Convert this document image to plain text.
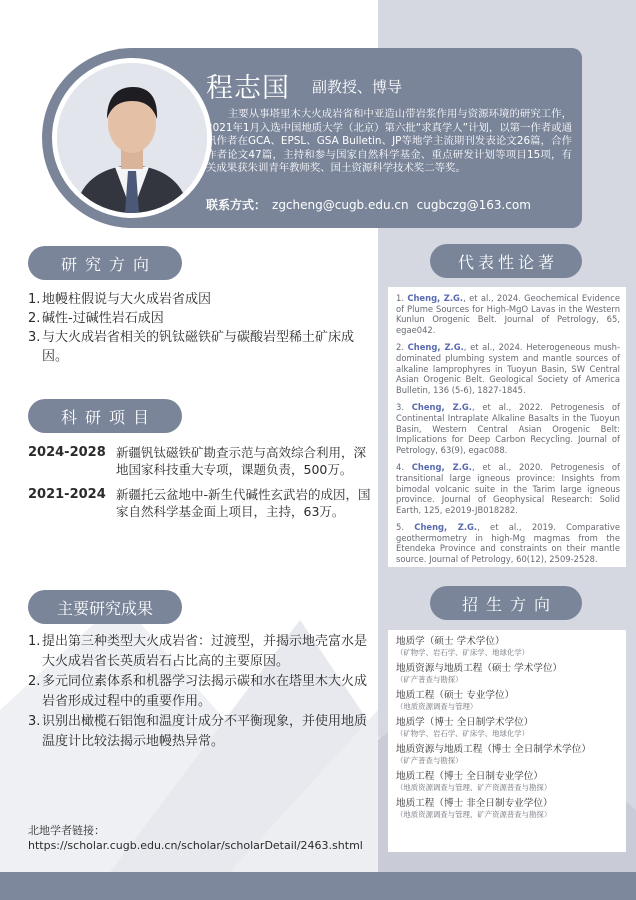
程志国 副教授、博导
主要从事塔里木大火成岩省和中亚造山带岩浆作用与资源环境的研究工作，2021年1月入选中国地质大学（北京）第六批“求真学人”计划，以第一作者或通讯作者在GCA、EPSL、GSA Bulletin、JP等地学主流期刊发表论文26篇，合作作者论文47篇，主持和参与国家自然科学基金、重点研发计划等项目15项，有关成果获朱训青年教师奖、国土资源科学技术奖二等奖。
联系方式： zgcheng@cugb.edu.cn cugbczg@163.com
研究方向
1. 地幔柱假说与大火成岩省成因
2. 碱性-过碱性岩石成因
3. 与大火成岩省相关的钒钛磁铁矿与碳酸岩型稀土矿床成因。
科研项目
2024-2028 新疆钒钛磁铁矿勘查示范与高效综合利用，深地国家科技重大专项，课题负责，500万。
2021-2024 新疆托云盆地中-新生代碱性玄武岩的成因，国家自然科学基金面上项目，主持，63万。
主要研究成果
1. 提出第三种类型大火成岩省：过渡型，并揭示地壳富水是大火成岩省长英质岩石占比高的主要原因。
2. 多元同位素体系和机器学习法揭示碳和水在塔里木大火成岩省形成过程中的重要作用。
3. 识别出橄榄石铝饱和温度计成分不平衡现象，并使用地质温度计比较法揭示地幔热异常。
北地学者链接：
https://scholar.cugb.edu.cn/scholar/scholarDetail/2463.shtml
代表性论著
1. Cheng, Z.G., et al., 2024. Geochemical Evidence of Plume Sources for High-MgO Lavas in the Western Kunlun Orogenic Belt. Journal of Petrology, 65, egae042.
2. Cheng, Z.G., et al., 2024. Heterogeneous mush-dominated plumbing system and mantle sources of alkaline lamprophyres in Tuoyun Basin, SW Central Asian Orogenic Belt. Geological Society of America Bulletin, 136 (5-6), 1827-1845.
3. Cheng, Z.G., et al., 2022. Petrogenesis of Continental Intraplate Alkaline Basalts in the Tuoyun Basin, Western Central Asian Orogenic Belt: Implications for Deep Carbon Recycling. Journal of Petrology, 63(9), egac088.
4. Cheng, Z.G., et al., 2020. Petrogenesis of transitional large igneous province: Insights from bimodal volcanic suite in the Tarim large igneous province. Journal of Geophysical Research: Solid Earth, 125, e2019-JB018282.
5. Cheng, Z.G., et al., 2019. Comparative geothermometry in high-Mg magmas from the Etendeka Province and constraints on their mantle source. Journal of Petrology, 60(12), 2509-2528.
招生方向
地质学（硕士 学术学位）
（矿物学、岩石学、矿床学、地球化学）
地质资源与地质工程（硕士 学术学位）
（矿产普查与勘探）
地质工程（硕士 专业学位）
（地质资源调查与管理）
地质学（博士 全日制学术学位）
（矿物学、岩石学、矿床学、地球化学）
地质资源与地质工程（博士 全日制学术学位）
（矿产普查与勘探）
地质工程（博士 全日制专业学位）
（地质资源调查与管理、矿产资源普查与勘探）
地质工程（博士 非全日制专业学位）
（地质资源调查与管理、矿产资源普查与勘探）
